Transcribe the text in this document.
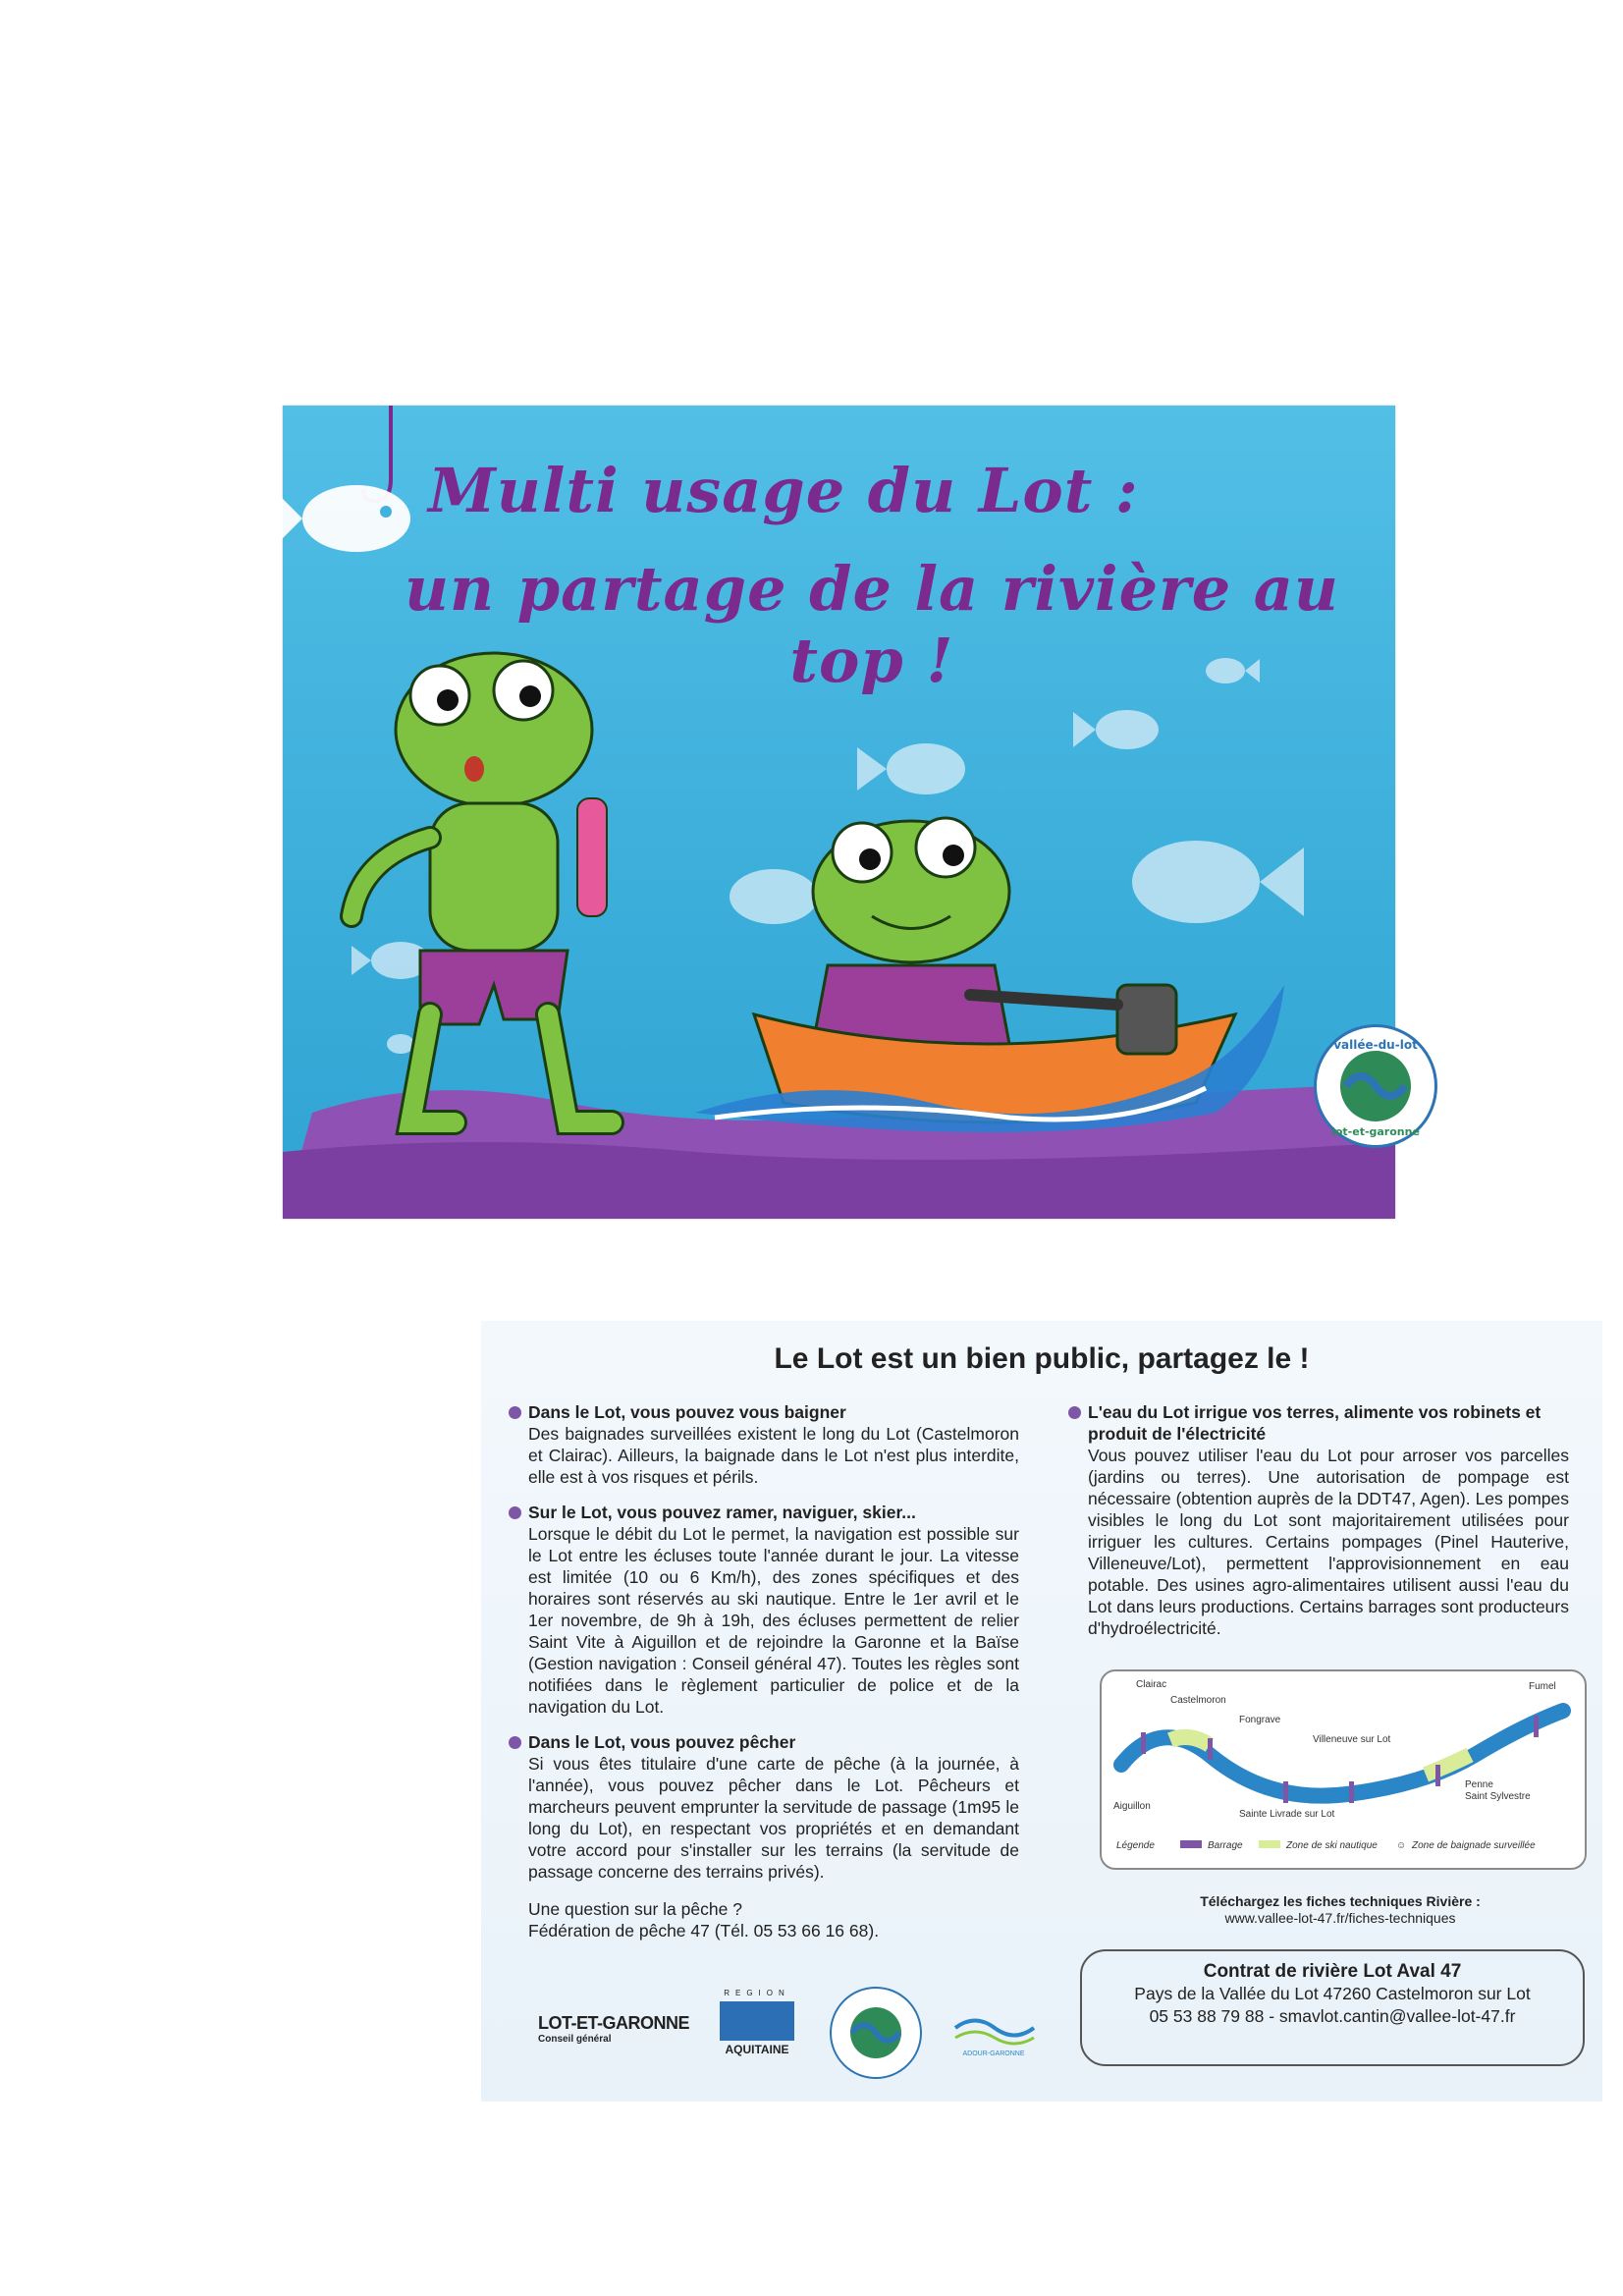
Multi usage du Lot :
un partage de la rivière au top !
vallée-du-lot
lot-et-garonne
Le Lot est un bien public, partagez le !
Dans le Lot, vous pouvez vous baigner
Des baignades surveillées existent le long du Lot (Castelmoron et Clairac). Ailleurs, la baignade dans le Lot n'est plus interdite, elle est à vos risques et périls.
Sur le Lot, vous pouvez ramer, naviguer, skier...
Lorsque le débit du Lot le permet, la navigation est possible sur le Lot entre les écluses toute l'année durant le jour. La vitesse est limitée (10 ou 6 Km/h), des zones spécifiques et des horaires sont réservés au ski nautique. Entre le 1er avril et le 1er novembre, de 9h à 19h, des écluses permettent de relier Saint Vite à Aiguillon et de rejoindre la Garonne et la Baïse (Gestion navigation : Conseil général 47). Toutes les règles sont notifiées dans le règlement particulier de police et de la navigation du Lot.
Dans le Lot, vous pouvez pêcher
Si vous êtes titulaire d'une carte de pêche (à la journée, à l'année), vous pouvez pêcher dans le Lot. Pêcheurs et marcheurs peuvent emprunter la servitude de passage (1m95 le long du Lot), en respectant vos propriétés et en demandant votre accord pour s'installer sur les terrains (la servitude de passage concerne des terrains privés).
Une question sur la pêche ?
Fédération de pêche 47 (Tél. 05 53 66 16 68).
L'eau du Lot irrigue vos terres, alimente vos robinets et produit de l'électricité
Vous pouvez utiliser l'eau du Lot pour arroser vos parcelles (jardins ou terres). Une autorisation de pompage est nécessaire (obtention auprès de la DDT47, Agen). Les pompes visibles le long du Lot sont majoritairement utilisées pour irriguer les cultures. Certains pompages (Pinel Hauterive, Villeneuve/Lot), permettent l'approvisionnement en eau potable. Des usines agro-alimentaires utilisent aussi l'eau du Lot dans leurs productions. Certains barrages sont producteurs d'hydroélectricité.
Clairac
Castelmoron
Fongrave
Villeneuve sur Lot
Fumel
Penne
Saint Sylvestre
Aiguillon
Sainte Livrade sur Lot
Légende	Barrage	Zone de ski nautique ☺ Zone de baignade surveillée
Téléchargez les fiches techniques Rivière :
www.vallee-lot-47.fr/fiches-techniques
Contrat de rivière Lot Aval 47
Pays de la Vallée du Lot 47260 Castelmoron sur Lot
05 53 88 79 88 - smavlot.cantin@vallee-lot-47.fr
LOT-ET-GARONNE
Conseil général
REGION
AQUITAINE	ADOUR-GARONNE
